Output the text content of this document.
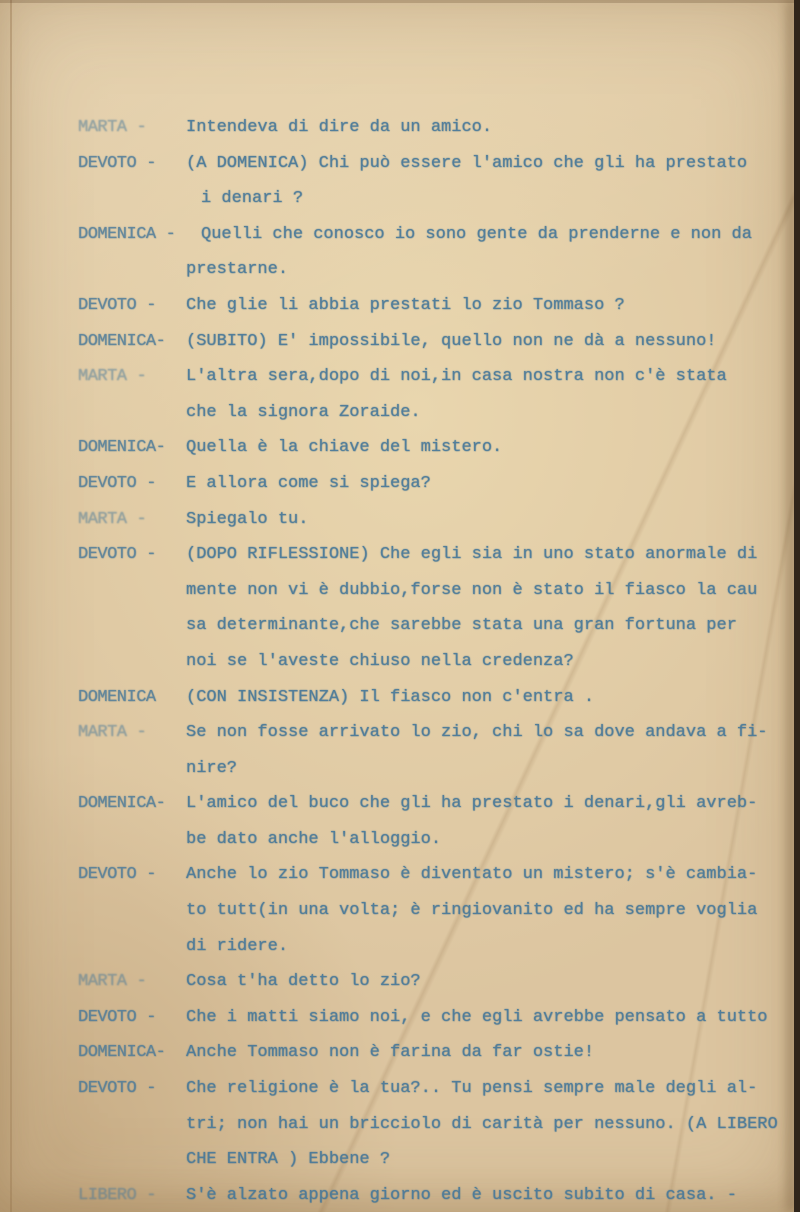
MARTA - Intendeva di dire da un amico.
DEVOTO - (A DOMENICA) Chi può essere l'amico che gli ha prestato
i denari ?
DOMENICA -	Quelli che conosco io sono gente da prenderne e non da
prestarne.
DEVOTO - Che glie li abbia prestati lo zio Tommaso ?
DOMENICA- (SUBITO) E' impossibile, quello non ne dà a nessuno!
MARTA - L'altra sera,dopo di noi,in casa nostra non c'è stata
che la signora Zoraide.
DOMENICA- Quella è la chiave del mistero.
DEVOTO - E allora come si spiega?
MARTA - Spiegalo tu.
DEVOTO - (DOPO RIFLESSIONE) Che egli sia in uno stato anormale di
mente non vi è dubbio,forse non è stato il fiasco la cau
sa determinante,che sarebbe stata una gran fortuna per
noi se l'aveste chiuso nella credenza?
DOMENICA (CON INSISTENZA) Il fiasco non c'entra .
MARTA - Se non fosse arrivato lo zio, chi lo sa dove andava a fi-
nire?
DOMENICA- L'amico del buco che gli ha prestato i denari,gli avreb-
be dato anche l'alloggio.
DEVOTO - Anche lo zio Tommaso è diventato un mistero; s'è cambia-
to tutt(in una volta; è ringiovanito ed ha sempre voglia
di ridere.
MARTA - Cosa t'ha detto lo zio?
DEVOTO - Che i matti siamo noi, e che egli avrebbe pensato a tutto
DOMENICA- Anche Tommaso non è farina da far ostie!
DEVOTO - Che religione è la tua?.. Tu pensi sempre male degli al-
tri; non hai un bricciolo di carità per nessuno. (A LIBERO
CHE ENTRA ) Ebbene ?
LIBERO - S'è alzato appena giorno ed è uscito subito di casa. -
